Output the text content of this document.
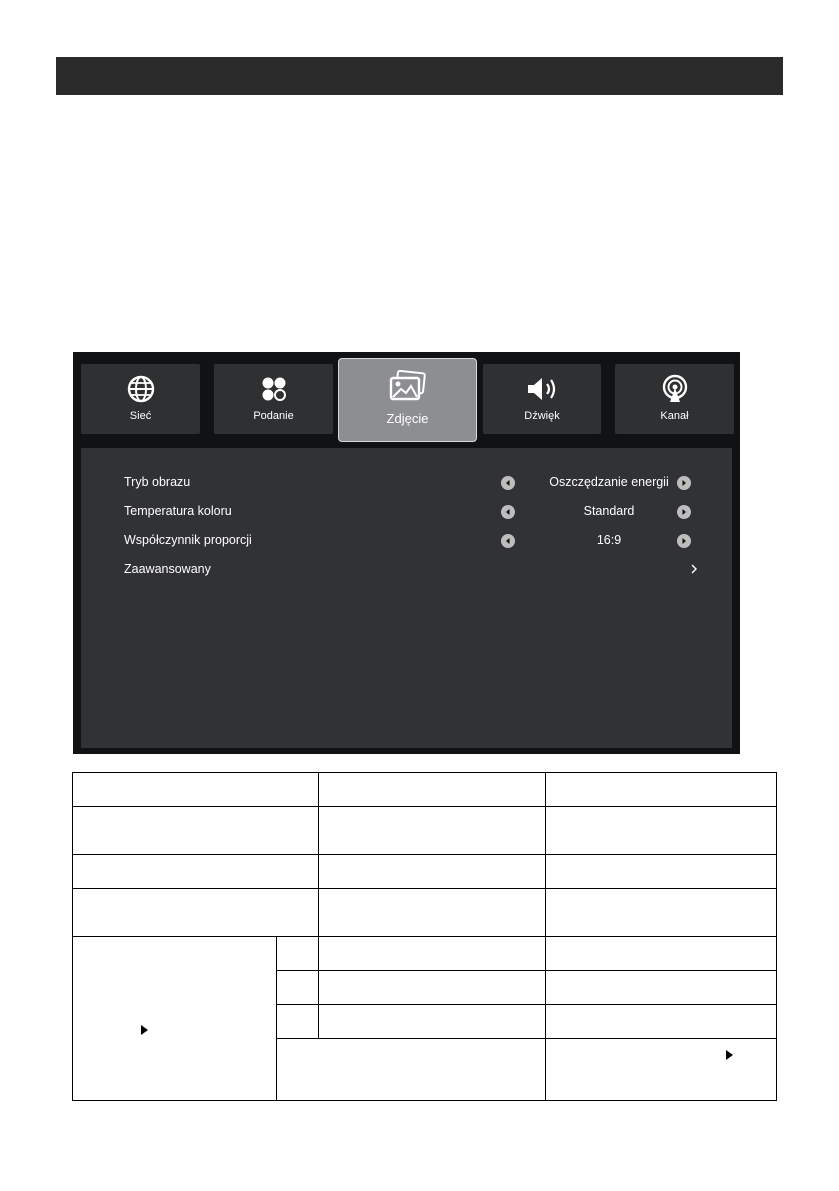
Sieć	Podanie	Zdjęcie	Dźwięk	Kanał
Tryb obrazu	Oszczędzanie energii
Temperatura koloru	Standard
Współczynnik proporcji	16:9
Zaawansowany
